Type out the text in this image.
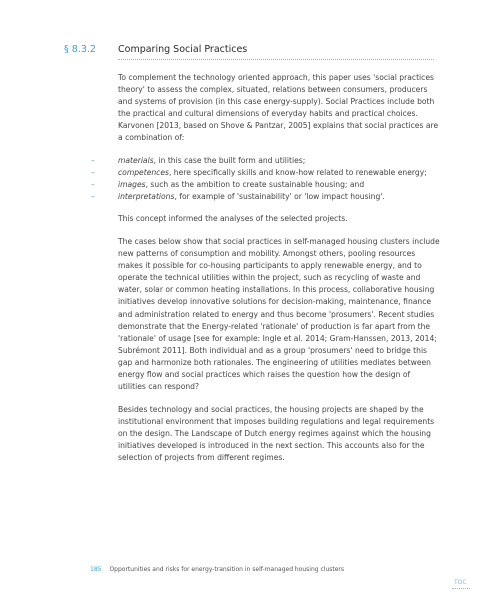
§ 8.3.2 Comparing Social Practices

To complement the technology oriented approach, this paper uses 'social practices theory' to assess the complex, situated, relations between consumers, producers and systems of provision (in this case energy-supply). Social Practices include both the practical and cultural dimensions of everyday habits and practical choices. Karvonen [2013, based on Shove & Pantzar, 2005] explains that social practices are a combination of:

–	materials, in this case the built form and utilities;
–	competences, here specifically skills and know-how related to renewable energy;
–	images, such as the ambition to create sustainable housing; and
–	interpretations, for example of 'sustainability' or 'low impact housing'.

This concept informed the analyses of the selected projects.

The cases below show that social practices in self-managed housing clusters include new patterns of consumption and mobility. Amongst others, pooling resources makes it possible for co-housing participants to apply renewable energy, and to operate the technical utilities within the project, such as recycling of waste and water, solar or common heating installations. In this process, collaborative housing initiatives develop innovative solutions for decision-making, maintenance, finance and administration related to energy and thus become 'prosumers'. Recent studies demonstrate that the Energy-related 'rationale' of production is far apart from the 'rationale' of usage [see for example: Ingle et al. 2014; Gram-Hanssen, 2013, 2014; Subrémont 2011]. Both individual and as a group 'prosumers' need to bridge this gap and harmonize both rationales. The engineering of utilities mediates between energy flow and social practices which raises the question how the design of utilities can respond?

Besides technology and social practices, the housing projects are shaped by the institutional environment that imposes building regulations and legal requirements on the design. The Landscape of Dutch energy regimes against which the housing initiatives developed is introduced in the next section. This accounts also for the selection of projects from different regimes.

185 Opportunities and risks for energy-transition in self-managed housing clusters
TOC
